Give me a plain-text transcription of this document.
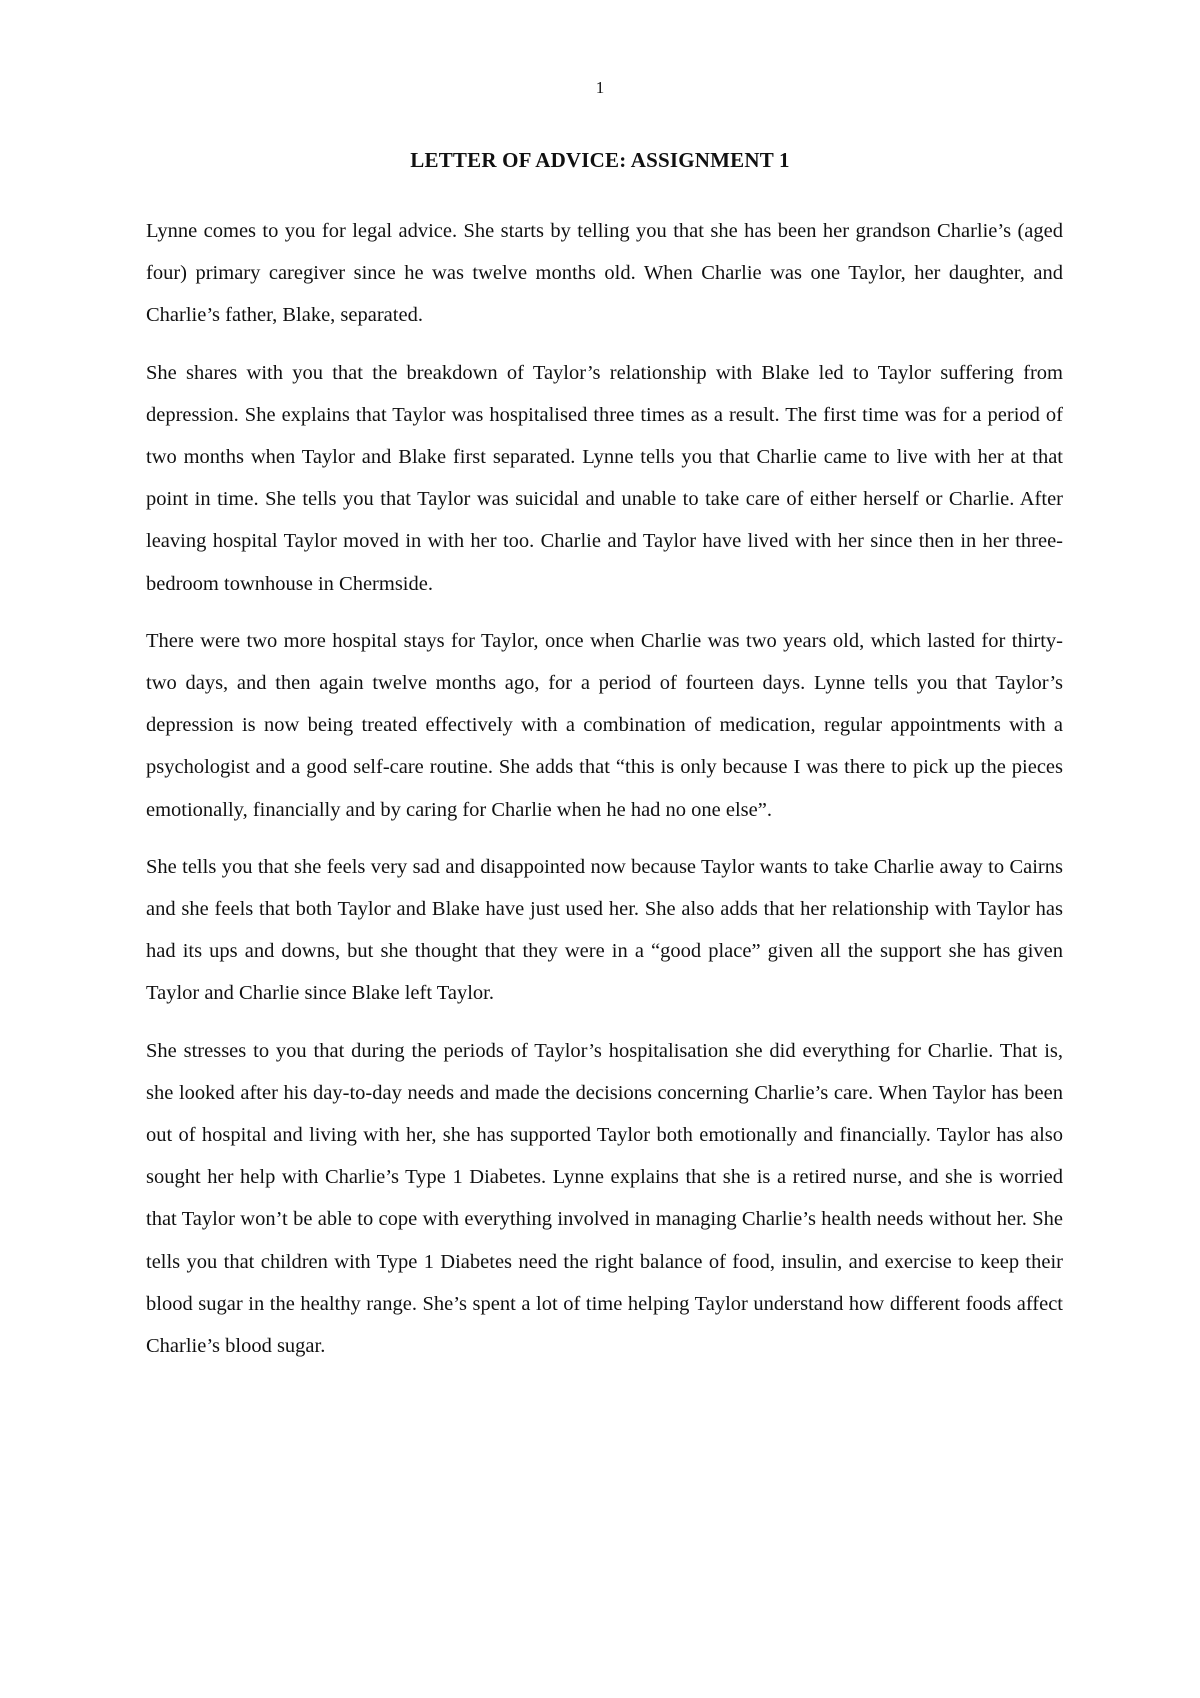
1
LETTER OF ADVICE: ASSIGNMENT 1

Lynne comes to you for legal advice. She starts by telling you that she has been her grandson Charlie’s (aged four) primary caregiver since he was twelve months old. When Charlie was one Taylor, her daughter, and Charlie’s father, Blake, separated.

She shares with you that the breakdown of Taylor’s relationship with Blake led to Taylor suffering from depression. She explains that Taylor was hospitalised three times as a result. The first time was for a period of two months when Taylor and Blake first separated. Lynne tells you that Charlie came to live with her at that point in time. She tells you that Taylor was suicidal and unable to take care of either herself or Charlie. After leaving hospital Taylor moved in with her too. Charlie and Taylor have lived with her since then in her three-bedroom townhouse in Chermside.

There were two more hospital stays for Taylor, once when Charlie was two years old, which lasted for thirty-two days, and then again twelve months ago, for a period of fourteen days. Lynne tells you that Taylor’s depression is now being treated effectively with a combination of medication, regular appointments with a psychologist and a good self-care routine. She adds that “this is only because I was there to pick up the pieces emotionally, financially and by caring for Charlie when he had no one else”.

She tells you that she feels very sad and disappointed now because Taylor wants to take Charlie away to Cairns and she feels that both Taylor and Blake have just used her. She also adds that her relationship with Taylor has had its ups and downs, but she thought that they were in a “good place” given all the support she has given Taylor and Charlie since Blake left Taylor.

She stresses to you that during the periods of Taylor’s hospitalisation she did everything for Charlie. That is, she looked after his day-to-day needs and made the decisions concerning Charlie’s care. When Taylor has been out of hospital and living with her, she has supported Taylor both emotionally and financially. Taylor has also sought her help with Charlie’s Type 1 Diabetes. Lynne explains that she is a retired nurse, and she is worried that Taylor won’t be able to cope with everything involved in managing Charlie’s health needs without her. She tells you that children with Type 1 Diabetes need the right balance of food, insulin, and exercise to keep their blood sugar in the healthy range. She’s spent a lot of time helping Taylor understand how different foods affect Charlie’s blood sugar.
